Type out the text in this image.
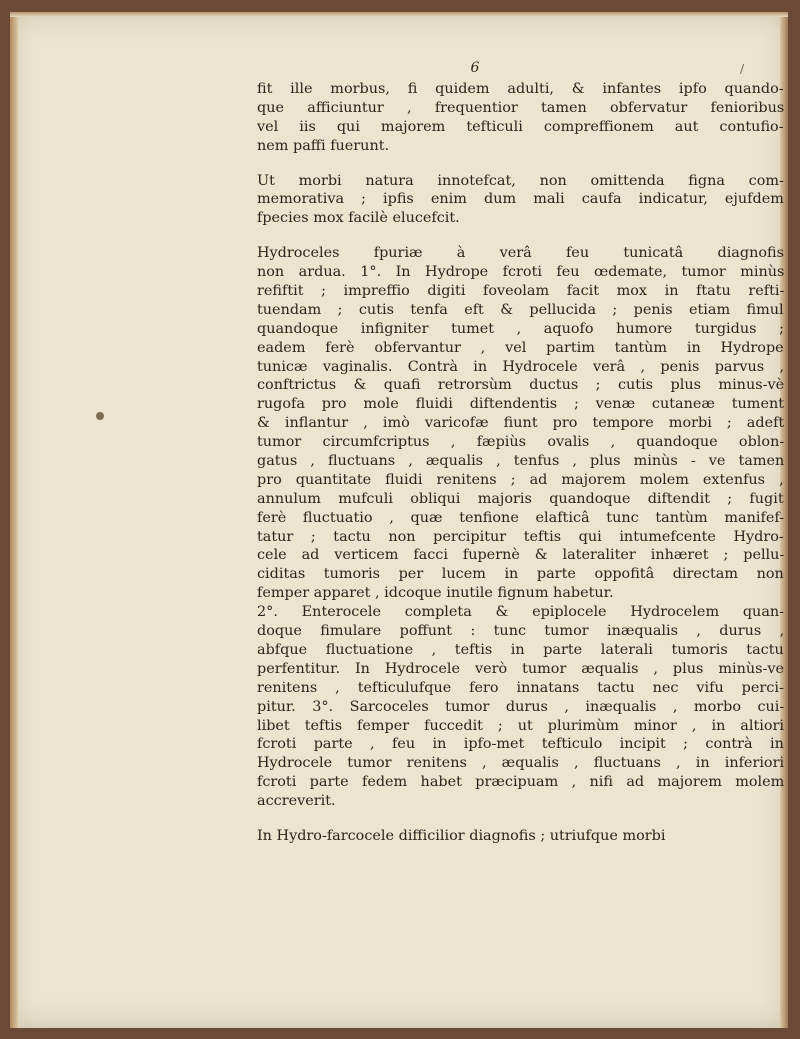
6	/
fit ille morbus, fi quidem adulti, & infantes ipfo quando-
que afficiuntur , frequentior tamen obfervatur fenioribus
vel iis qui majorem tefticuli compreffionem aut contufio-
nem paffi fuerunt.
Ut morbi natura innotefcat, non omittenda figna com-
memorativa ; ipfis enim dum mali caufa indicatur, ejufdem
fpecies mox facilè elucefcit.
Hydroceles fpuriæ à verâ feu tunicatâ diagnofis
non ardua. 1°. In Hydrope fcroti feu œdemate, tumor minùs
refiftit ; impreffio digiti foveolam facit mox in ftatu refti-
tuendam ; cutis tenfa eft & pellucida ; penis etiam fimul
quandoque infigniter tumet , aquofo humore turgidus ;
eadem ferè obfervantur , vel partim tantùm in Hydrope
tunicæ vaginalis. Contrà in Hydrocele verâ , penis parvus ,
conftrictus & quafi retrorsùm ductus ; cutis plus minus-vè
rugofa pro mole fluidi diftendentis ; venæ cutaneæ tument
& inflantur , imò varicofæ fiunt pro tempore morbi ; adeft
tumor circumfcriptus , fæpiùs ovalis , quandoque oblon-
gatus , fluctuans , æqualis , tenfus , plus minùs - ve tamen
pro quantitate fluidi renitens ; ad majorem molem extenfus ,
annulum mufculi obliqui majoris quandoque diftendit ; fugit
ferè fluctuatio , quæ tenfione elafticâ tunc tantùm manifef-
tatur ; tactu non percipitur teftis qui intumefcente Hydro-
cele ad verticem facci fupernè & lateraliter inhæret ; pellu-
ciditas tumoris per lucem in parte oppofitâ directam non
femper apparet , idcoque inutile fignum habetur.
2°. Enterocele completa & epiplocele Hydrocelem quan-
doque fimulare poffunt : tunc tumor inæqualis , durus ,
abfque fluctuatione , teftis in parte laterali tumoris tactu
perfentitur. In Hydrocele verò tumor æqualis , plus minùs-ve
renitens , tefticulufque fero innatans tactu nec vifu perci-
pitur. 3°. Sarcoceles tumor durus , inæqualis , morbo cui-
libet teftis femper fuccedit ; ut plurimùm minor , in altiori
fcroti parte , feu in ipfo-met tefticulo incipit ; contrà in
Hydrocele tumor renitens , æqualis , fluctuans , in inferiori
fcroti parte fedem habet præcipuam , nifi ad majorem molem
accreverit.
In Hydro-farcocele difficilior diagnofis ; utriufque morbi
